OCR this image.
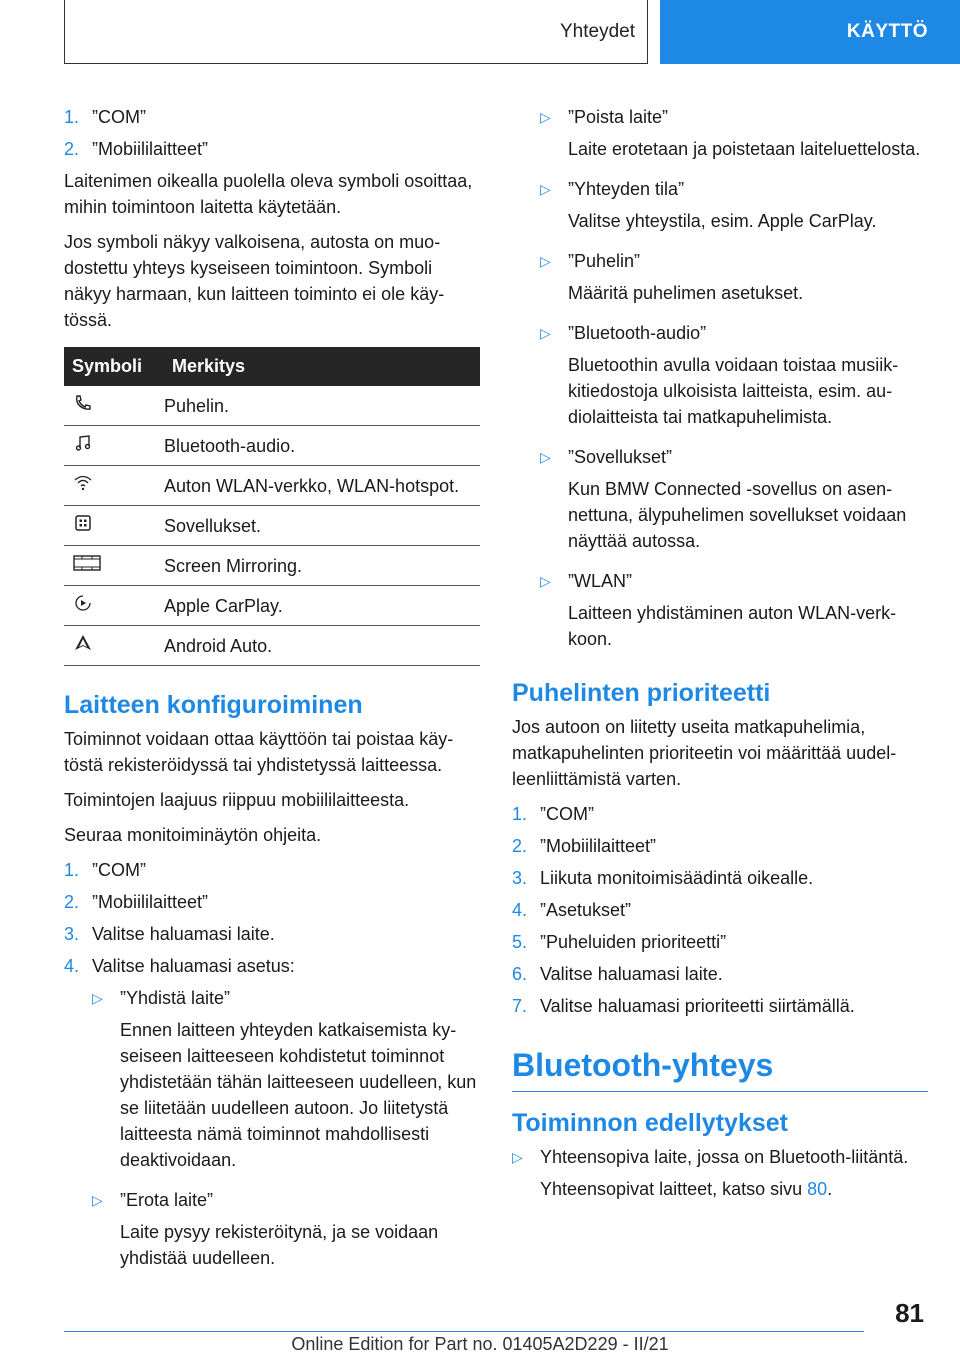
Yhteydet	KÄYTTÖ
1. ”COM”
2. ”Mobiililaitteet”

Laitenimen oikealla puolella oleva symboli osoittaa, mihin toimintoon laitetta käytetään.

Jos symboli näkyy valkoisena, autosta on muodostettu yhteys kyseiseen toimintoon. Symboli näkyy harmaan, kun laitteen toiminto ei ole käytössä.

Symboli	Merkitys
	Puhelin.
	Bluetooth-audio.
	Auton WLAN-verkko, WLAN-hotspot.
	Sovellukset.
	Screen Mirroring.
	Apple CarPlay.
	Android Auto.
Laitteen konfiguroiminen

Toiminnot voidaan ottaa käyttöön tai poistaa käytöstä rekisteröidyssä tai yhdistetyssä laitteessa.

Toimintojen laajuus riippuu mobiililaitteesta.

Seuraa monitoiminäytön ohjeita.

1. ”COM”
2. ”Mobiililaitteet”
3. Valitse haluamasi laite.
4. Valitse haluamasi asetus:
▷ ”Yhdistä laite”

Ennen laitteen yhteyden katkaisemista kyseiseen laitteeseen kohdistetut toiminnot yhdistetään tähän laitteeseen uudelleen, kun se liitetään uudelleen autoon. Jo liitetystä laitteesta nämä toiminnot mahdollisesti deaktivoidaan.

▷ ”Erota laite”

Laite pysyy rekisteröitynä, ja se voidaan yhdistää uudelleen.

▷ ”Poista laite”

Laite erotetaan ja poistetaan laiteluettelosta.

▷ ”Yhteyden tila”

Valitse yhteystila, esim. Apple CarPlay.

▷ ”Puhelin”

Määritä puhelimen asetukset.

▷ ”Bluetooth-audio”

Bluetoothin avulla voidaan toistaa musiikkitiedostoja ulkoisista laitteista, esim. audiolaitteista tai matkapuhelimista.

▷ ”Sovellukset”

Kun BMW Connected -sovellus on asennettuna, älypuhelimen sovellukset voidaan näyttää autossa.

▷ ”WLAN”

Laitteen yhdistäminen auton WLAN-verkkoon.

Puhelinten prioriteetti

Jos autoon on liitetty useita matkapuhelimia, matkapuhelinten prioriteetin voi määrittää uudelleenliittämistä varten.

1. ”COM”
2. ”Mobiililaitteet”
3. Liikuta monitoimisäädintä oikealle.
4. ”Asetukset”
5. ”Puheluiden prioriteetti”
6. Valitse haluamasi laite.
7. Valitse haluamasi prioriteetti siirtämällä.
Bluetooth-yhteys
Toiminnon edellytykset
▷ Yhteensopiva laite, jossa on Bluetooth-liitäntä.

Yhteensopivat laitteet, katso sivu 80.

81
Online Edition for Part no. 01405A2D229 - II/21
